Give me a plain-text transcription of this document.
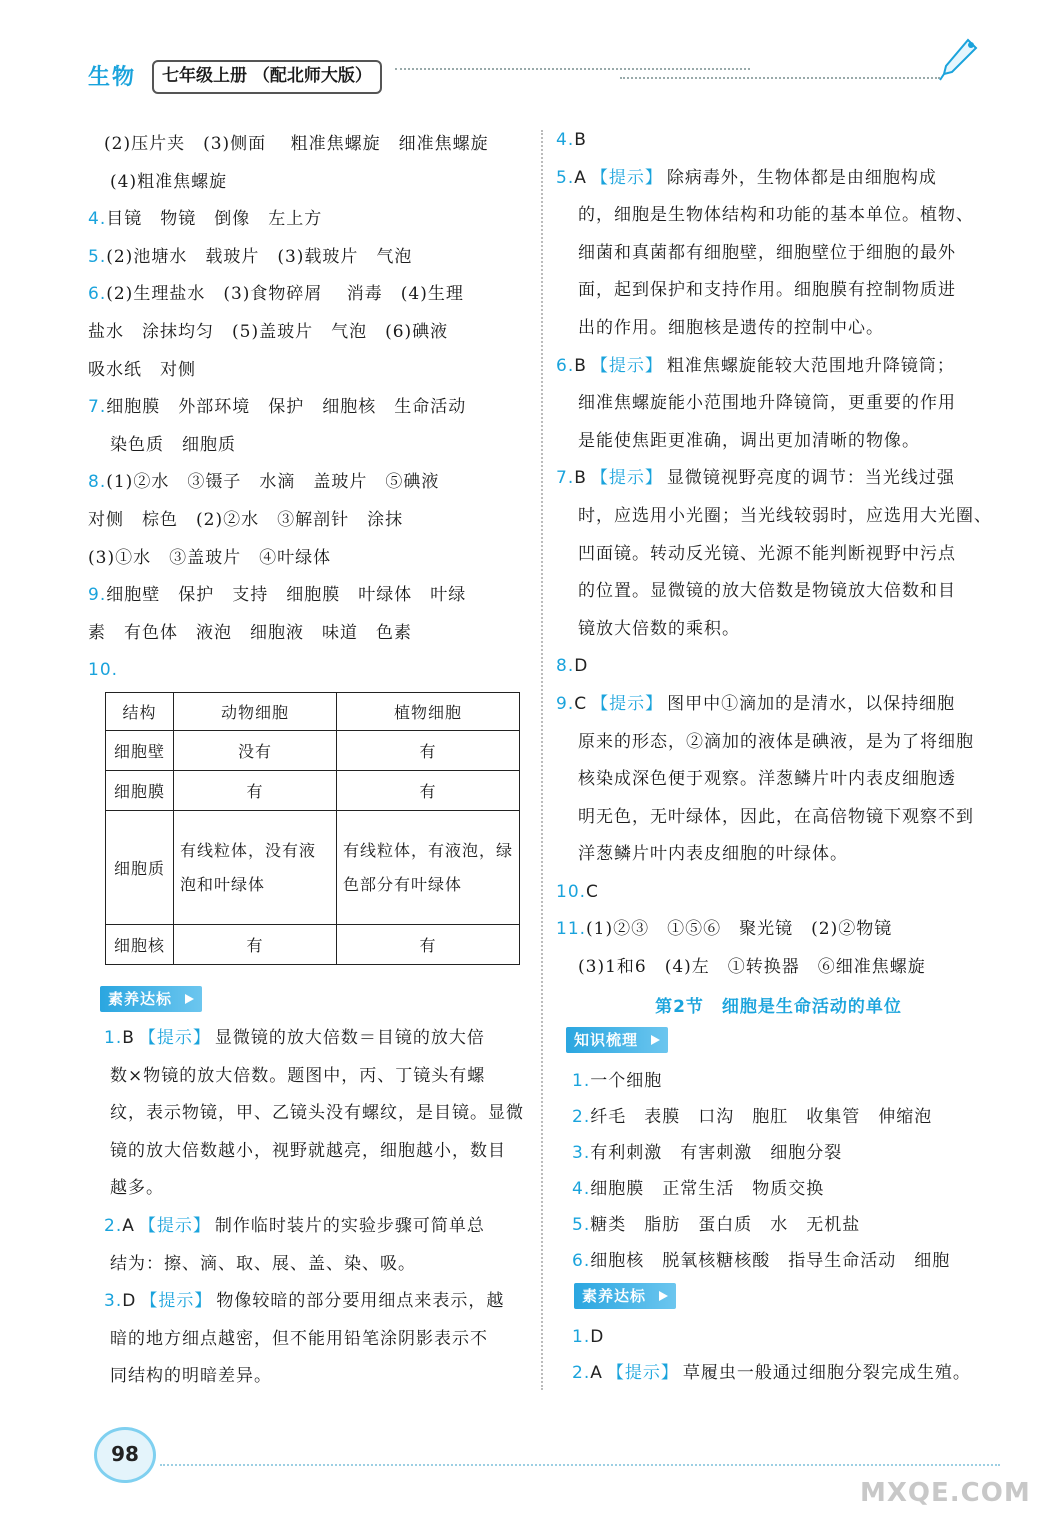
生物	七年级上册 （配北师大版）
(2)压片夹　(3)侧面　 粗准焦螺旋　细准焦螺旋
(4)粗准焦螺旋
4.目镜　物镜　倒像　左上方
5.(2)池塘水　载玻片　(3)载玻片　气泡
6.(2)生理盐水　(3)食物碎屑　 消毒　(4)生理
盐水　涂抹均匀　(5)盖玻片　气泡　(6)碘液
吸水纸　对侧
7.细胞膜　外部环境　保护　细胞核　生命活动
染色质　细胞质
8.(1)②水　③镊子　水滴　盖玻片　⑤碘液
对侧　棕色　(2)②水　③解剖针　涂抹
(3)①水　③盖玻片　④叶绿体
9.细胞壁　保护　支持　细胞膜　叶绿体　叶绿
素　有色体　液泡　细胞液　味道　色素
10.
结构	动物细胞	植物细胞
细胞壁	没有	有
细胞膜	有	有
细胞质	有线粒体，没有液泡和叶绿体	有线粒体，有液泡，绿色部分有叶绿体
细胞核	有	有
素养达标
1.B 【提示】 显微镜的放大倍数＝目镜的放大倍
数×物镜的放大倍数。题图中，丙、丁镜头有螺
纹，表示物镜，甲、乙镜头没有螺纹，是目镜。显微
镜的放大倍数越小，视野就越亮，细胞越小，数目
越多。
2.A 【提示】 制作临时装片的实验步骤可简单总
结为：擦、滴、取、展、盖、染、吸。
3.D 【提示】 物像较暗的部分要用细点来表示，越
暗的地方细点越密，但不能用铅笔涂阴影表示不
同结构的明暗差异。
4.B
5.A 【提示】 除病毒外，生物体都是由细胞构成
的，细胞是生物体结构和功能的基本单位。植物、
细菌和真菌都有细胞壁，细胞壁位于细胞的最外
面，起到保护和支持作用。细胞膜有控制物质进
出的作用。细胞核是遗传的控制中心。
6.B 【提示】 粗准焦螺旋能较大范围地升降镜筒；
细准焦螺旋能小范围地升降镜筒，更重要的作用
是能使焦距更准确，调出更加清晰的物像。
7.B 【提示】 显微镜视野亮度的调节：当光线过强
时，应选用小光圈；当光线较弱时，应选用大光圈、
凹面镜。转动反光镜、光源不能判断视野中污点
的位置。显微镜的放大倍数是物镜放大倍数和目
镜放大倍数的乘积。
8.D
9.C 【提示】 图甲中①滴加的是清水，以保持细胞
原来的形态，②滴加的液体是碘液，是为了将细胞
核染成深色便于观察。洋葱鳞片叶内表皮细胞透
明无色，无叶绿体，因此，在高倍物镜下观察不到
洋葱鳞片叶内表皮细胞的叶绿体。
10.C
11.(1)②③　①⑤⑥　聚光镜　(2)②物镜
(3)1和6　(4)左　①转换器　⑥细准焦螺旋
第2节　细胞是生命活动的单位
知识梳理
1.一个细胞
2.纤毛　表膜　口沟　胞肛　收集管　伸缩泡
3.有利刺激　有害刺激　细胞分裂
4.细胞膜　正常生活　物质交换
5.糖类　脂肪　蛋白质　水　无机盐
6.细胞核　脱氧核糖核酸　指导生命活动　细胞
素养达标
1.D
2.A 【提示】 草履虫一般通过细胞分裂完成生殖。
98
MXQE.COM
